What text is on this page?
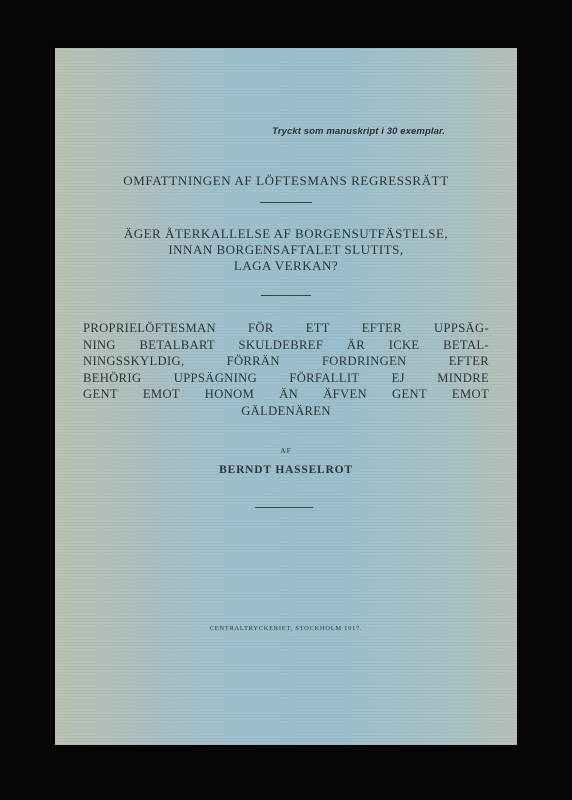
Tryckt som manuskript i 30 exemplar.
OMFATTNINGEN AF LÖFTESMANS REGRESSRÄTT
ÄGER ÅTERKALLELSE AF BORGENSUTFÄSTELSE,
INNAN BORGENSAFTALET SLUTITS,
LAGA VERKAN?
PROPRIELÖFTESMAN FÖR ETT EFTER UPPSÄG-
NING BETALBART SKULDEBREF ÄR ICKE BETAL-
NINGSSKYLDIG, FÖRRÄN FORDRINGEN EFTER
BEHÖRIG UPPSÄGNING FÖRFALLIT EJ MINDRE
GENT EMOT HONOM ÄN ÄFVEN GENT EMOT
GÄLDENÄREN
AF
BERNDT HASSELROT
CENTRALTRYCKERIET, STOCKHOLM 1917.
